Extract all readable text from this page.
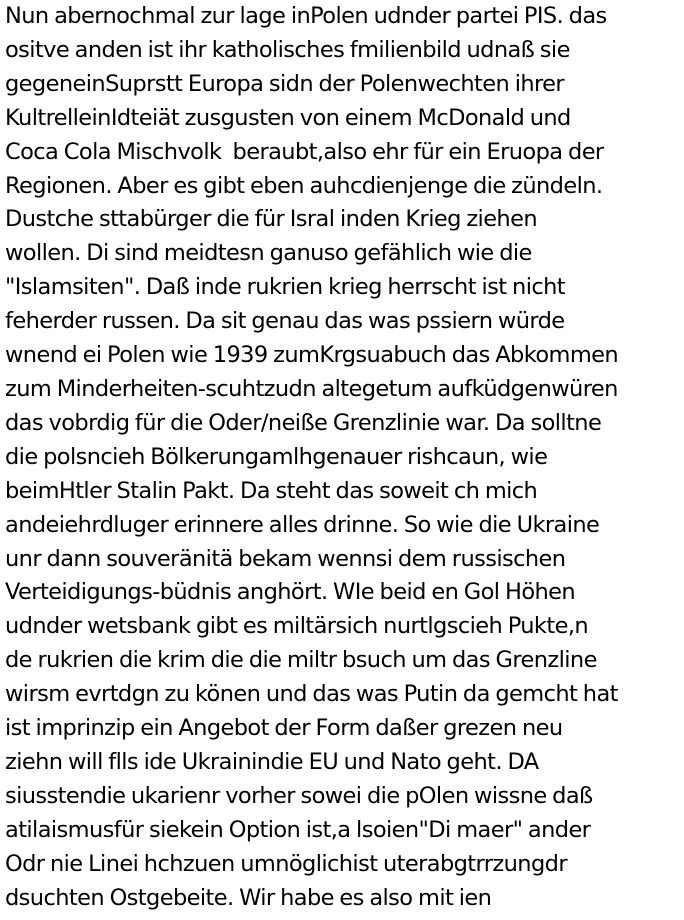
Nun abernochmal zur lage inPolen udnder partei PIS. das
ositve anden ist ihr katholisches fmilienbild udnaß sie
gegeneinSuprstt Europa sidn der Polenwechten ihrer
KultrelleinIdteiät zusgusten von einem McDonald und
Coca Cola Mischvolk  beraubt,also ehr für ein Eruopa der
Regionen. Aber es gibt eben auhcdienjenge die zündeln.
Dustche sttabürger die für Isral inden Krieg ziehen
wollen. Di sind meidtesn ganuso gefählich wie die
"Islamsiten". Daß inde rukrien krieg herrscht ist nicht
feherder russen. Da sit genau das was pssiern würde
wnend ei Polen wie 1939 zumKrgsuabuch das Abkommen
zum Minderheiten-scuhtzudn altegetum aufküdgenwüren
das vobrdig für die Oder/neiße Grenzlinie war. Da solltne
die polsncieh Bölkerungamlhgenauer rishcaun, wie
beimHtler Stalin Pakt. Da steht das soweit ch mich
andeiehrdluger erinnere alles drinne. So wie die Ukraine
unr dann souveränitä bekam wennsi dem russischen
Verteidigungs-büdnis anghört. WIe beid en Gol Höhen
udnder wetsbank gibt es miltärsich nurtlgscieh Pukte,n
de rukrien die krim die die miltr bsuch um das Grenzline
wirsm evrtdgn zu könen und das was Putin da gemcht hat
ist imprinzip ein Angebot der Form daßer grezen neu
ziehn will flls ide Ukrainindie EU und Nato geht. DA
siusstendie ukarienr vorher sowei die pOlen wissne daß
atilaismusfür siekein Option ist,a lsoien"Di maer" ander
Odr nie Linei hchzuen umnöglichist uterabgtrrzungdr
dsuchten Ostgebeite. Wir habe es also mit ien
